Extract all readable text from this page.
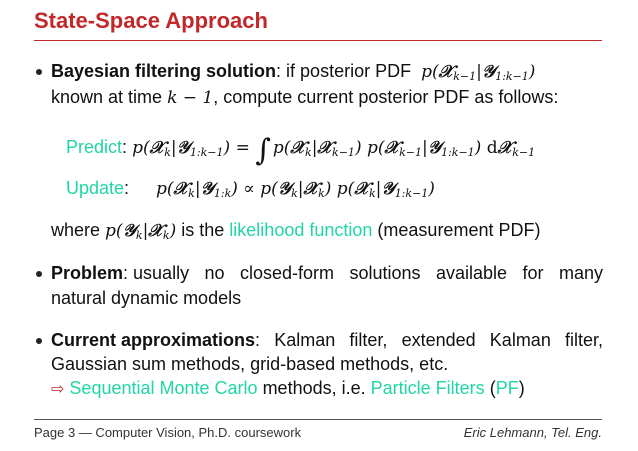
State-Space Approach
Bayesian filtering solution: if posterior PDF p(𝒳$_{k-1}$|𝒴$_{1:k-1}$)
known at time k − 1, compute current posterior PDF as follows:
Predict: p(𝒳$_k$|𝒴$_{1:k-1}$) = ∫ p(𝒳$_k$|𝒳$_{k-1}$) p(𝒳$_{k-1}$|𝒴$_{1:k-1}$) d𝒳$_{k-1}$
Update: p(𝒳$_k$|𝒴$_{1:k}$) ∝ p(𝒴$_k$|𝒳$_k$) p(𝒳$_k$|𝒴$_{1:k-1}$)
where p(𝒴$_k$|𝒳$_k$) is the likelihood function (measurement PDF)
Problem: usually no closed-form solutions available for many
natural dynamic models
Current approximations: Kalman filter, extended Kalman filter,
Gaussian sum methods, grid-based methods, etc.
⇨ Sequential Monte Carlo methods, i.e. Particle Filters (PF)
Page 3 — Computer Vision, Ph.D. coursework	Eric Lehmann, Tel. Eng.
